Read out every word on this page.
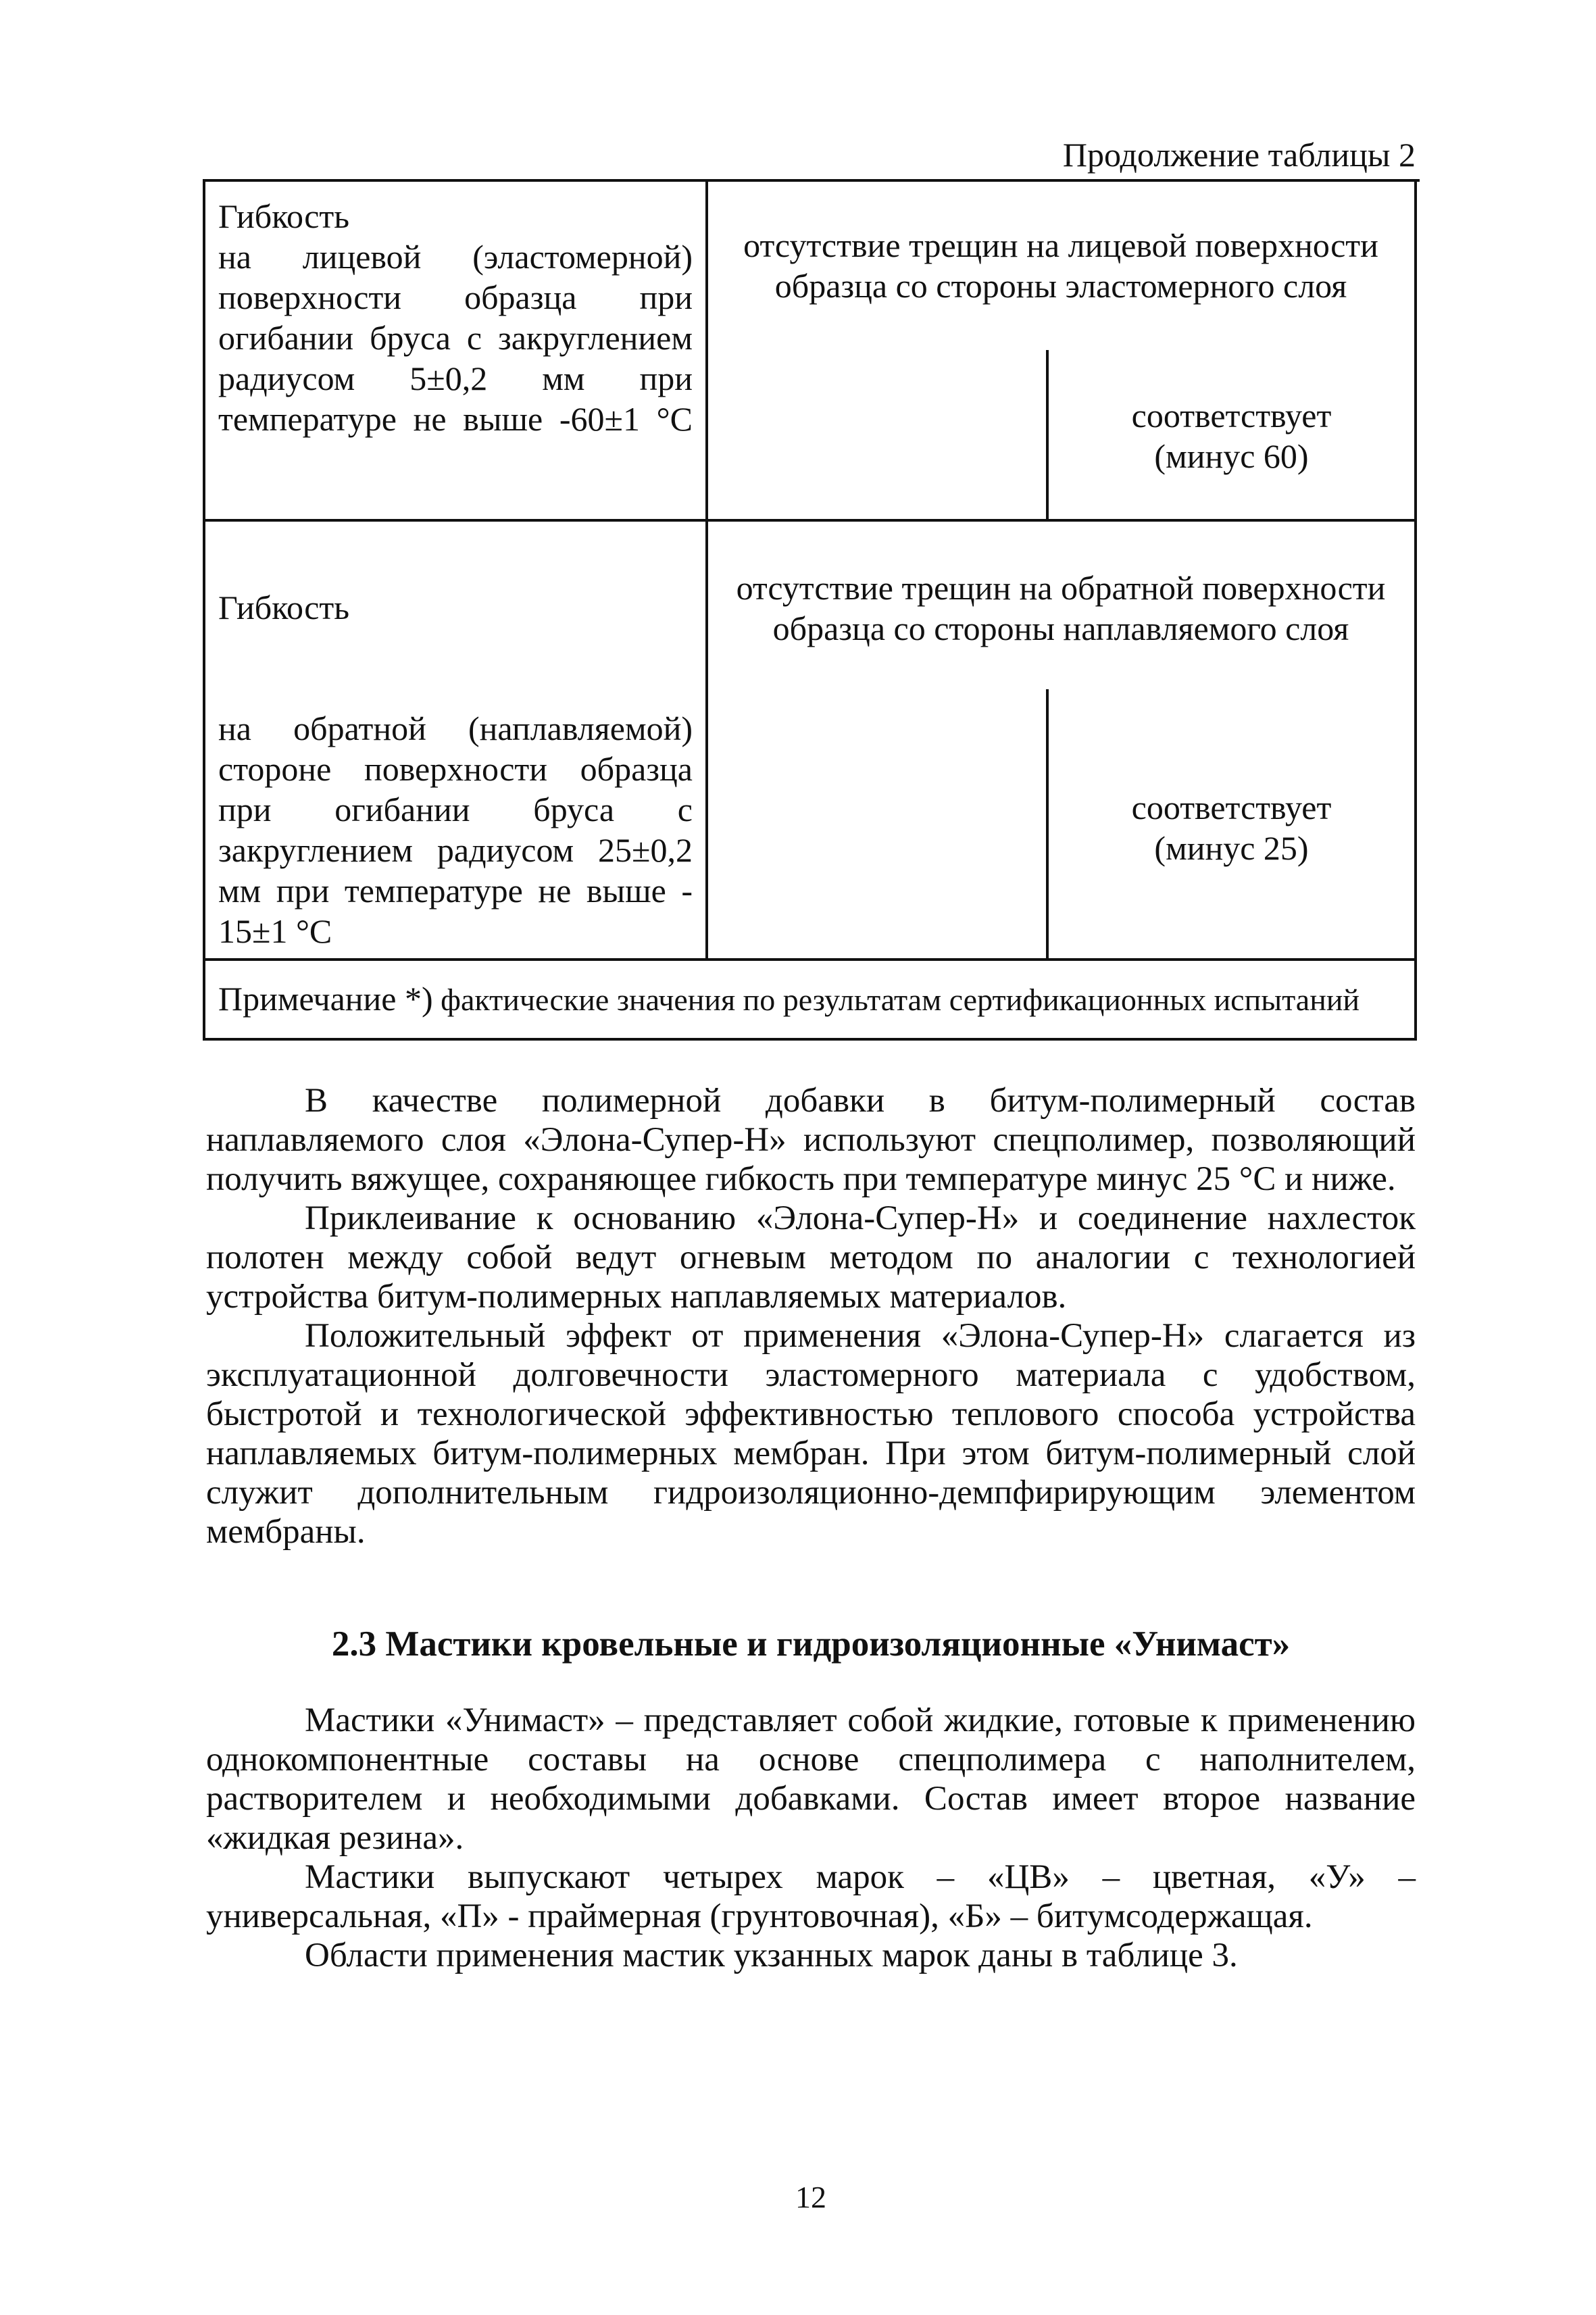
Продолжение таблицы 2
Гибкость
на лицевой (эластомерной)
поверхности образца при
огибании бруса с закруглением
радиусом 5±0,2 мм при
температуре не выше -60±1 °С
отсутствие трещин на лицевой поверхности
образца со стороны эластомерного слоя
соответствует
(минус 60)
Гибкость
на обратной (наплавляемой)
стороне поверхности образца
при огибании бруса с
закруглением радиусом 25±0,2
мм при температуре не выше -
15±1 °С
отсутствие трещин на обратной поверхности
образца со стороны наплавляемого слоя
соответствует
(минус 25)
Примечание *) фактические значения по результатам сертификационных испытаний

В качестве полимерной добавки в битум-полимерный состав наплавляемого слоя «Элона-Супер-Н» используют спецполимер, позволяющий получить вяжущее, сохраняющее гибкость при температуре минус 25 °С и ниже.

Приклеивание к основанию «Элона-Супер-Н» и соединение нахлесток полотен между собой ведут огневым методом по аналогии с технологией устройства битум-полимерных наплавляемых материалов.

Положительный эффект от применения «Элона-Супер-Н» слагается из эксплуатационной долговечности эластомерного материала с удобством, быстротой и технологической эффективностью теплового способа устройства наплавляемых битум-полимерных мембран. При этом битум-полимерный слой служит дополнительным гидроизоляционно-демпфирирующим элементом мембраны.

2.3 Мастики кровельные и гидроизоляционные «Унимаст»

Мастики «Унимаст» – представляет собой жидкие, готовые к применению однокомпонентные составы на основе спецполимера с наполнителем, растворителем и необходимыми добавками. Состав имеет второе название «жидкая резина».

Мастики выпускают четырех марок – «ЦВ» – цветная, «У» – универсальная, «П» - праймерная (грунтовочная), «Б» – битумсодержащая.

Области применения мастик укзанных марок даны в таблице 3.

12
